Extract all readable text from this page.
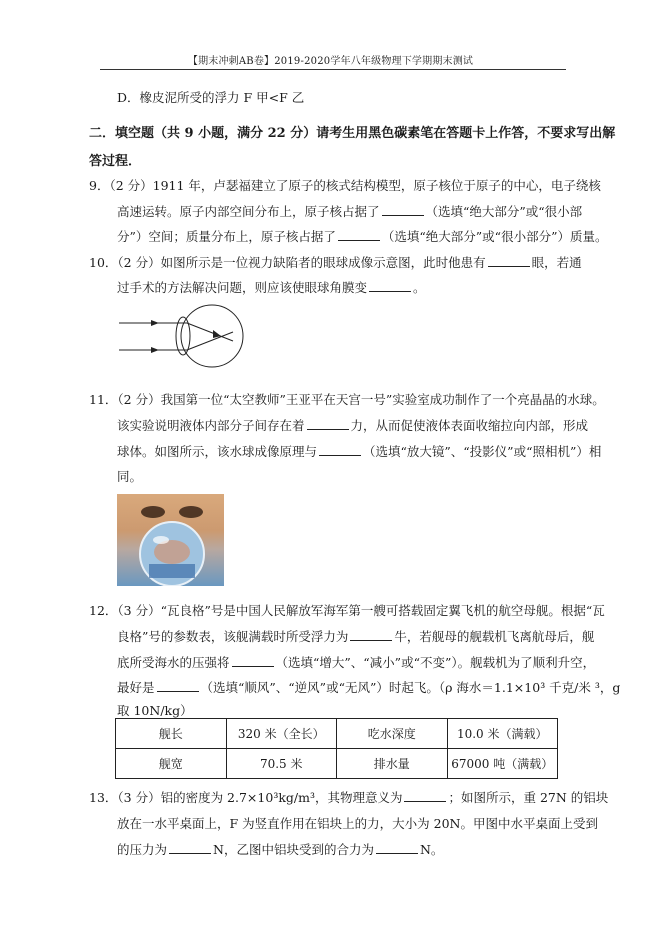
【期末冲刺AB卷】2019-2020学年八年级物理下学期期末测试
D．橡皮泥所受的浮力 F 甲<F 乙
二．填空题（共 9 小题，满分 22 分）请考生用黑色碳素笔在答题卡上作答，不要求写出解
答过程．
9．（2 分）1911 年，卢瑟福建立了原子的核式结构模型，原子核位于原子的中心，电子绕核
高速运转。原子内部空间分布上，原子核占据了	（选填“绝大部分”或“很小部
分”）空间；质量分布上，原子核占据了	（选填“绝大部分”或“很小部分”）质量。
10．（2 分）如图所示是一位视力缺陷者的眼球成像示意图，此时他患有	眼，若通
过手术的方法解决问题，则应该使眼球角膜变	。
11．（2 分）我国第一位“太空教师”王亚平在天宫一号”实验室成功制作了一个亮晶晶的水球。
该实验说明液体内部分子间存在着	力，从而促使液体表面收缩拉向内部，形成
球体。如图所示，该水球成像原理与	（选填“放大镜”、“投影仪”或“照相机”）相
同。
12．（3 分）“瓦良格”号是中国人民解放军海军第一艘可搭载固定翼飞机的航空母舰。根据“瓦
良格”号的参数表，该舰满载时所受浮力为	牛，若舰母的舰载机飞离航母后，舰
底所受海水的压强将	（选填“增大”、“减小”或“不变”）。舰载机为了顺利升空，
最好是	（选填“顺风”、“逆风”或“无风”）时起飞。（ρ 海水＝1.1×10³ 千克/米 ³，g
取 10N/kg）
舰长	320 米（全长）	吃水深度	10.0 米（满载）
舰宽	70.5 米	排水量	67000 吨（满载）
13．（3 分）铝的密度为 2.7×10³kg/m³，其物理意义为	；如图所示，重 27N 的铝块
放在一水平桌面上，F 为竖直作用在铝块上的力，大小为 20N。甲图中水平桌面上受到
的压力为	N，乙图中铝块受到的合力为	N。
